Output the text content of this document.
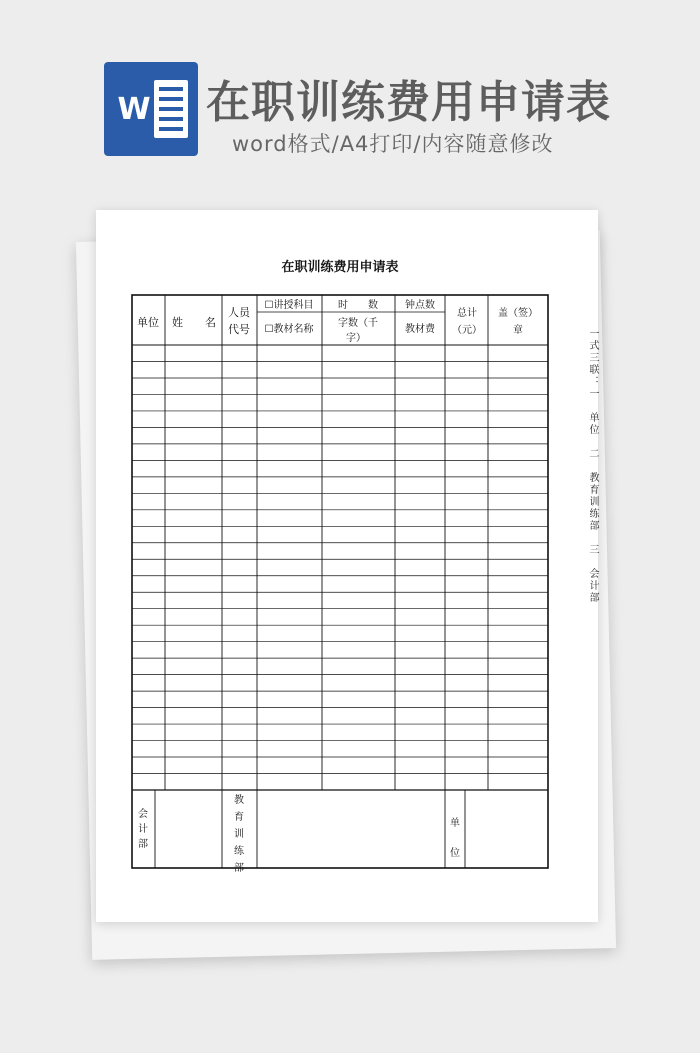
W 在职训练费用申请表
word格式/A4打印/内容随意修改
在职训练费用申请表
单位 姓　　名
人员
代号
☐讲授科目
☐教材名称
时　　数
字数（千
字）
钟点数
教材费
总计
（元）
盖（签）
章
会
计
部
教
育
训
练
部
单
位
一式三联：一　单位　二　教育训练部　三　会计部
